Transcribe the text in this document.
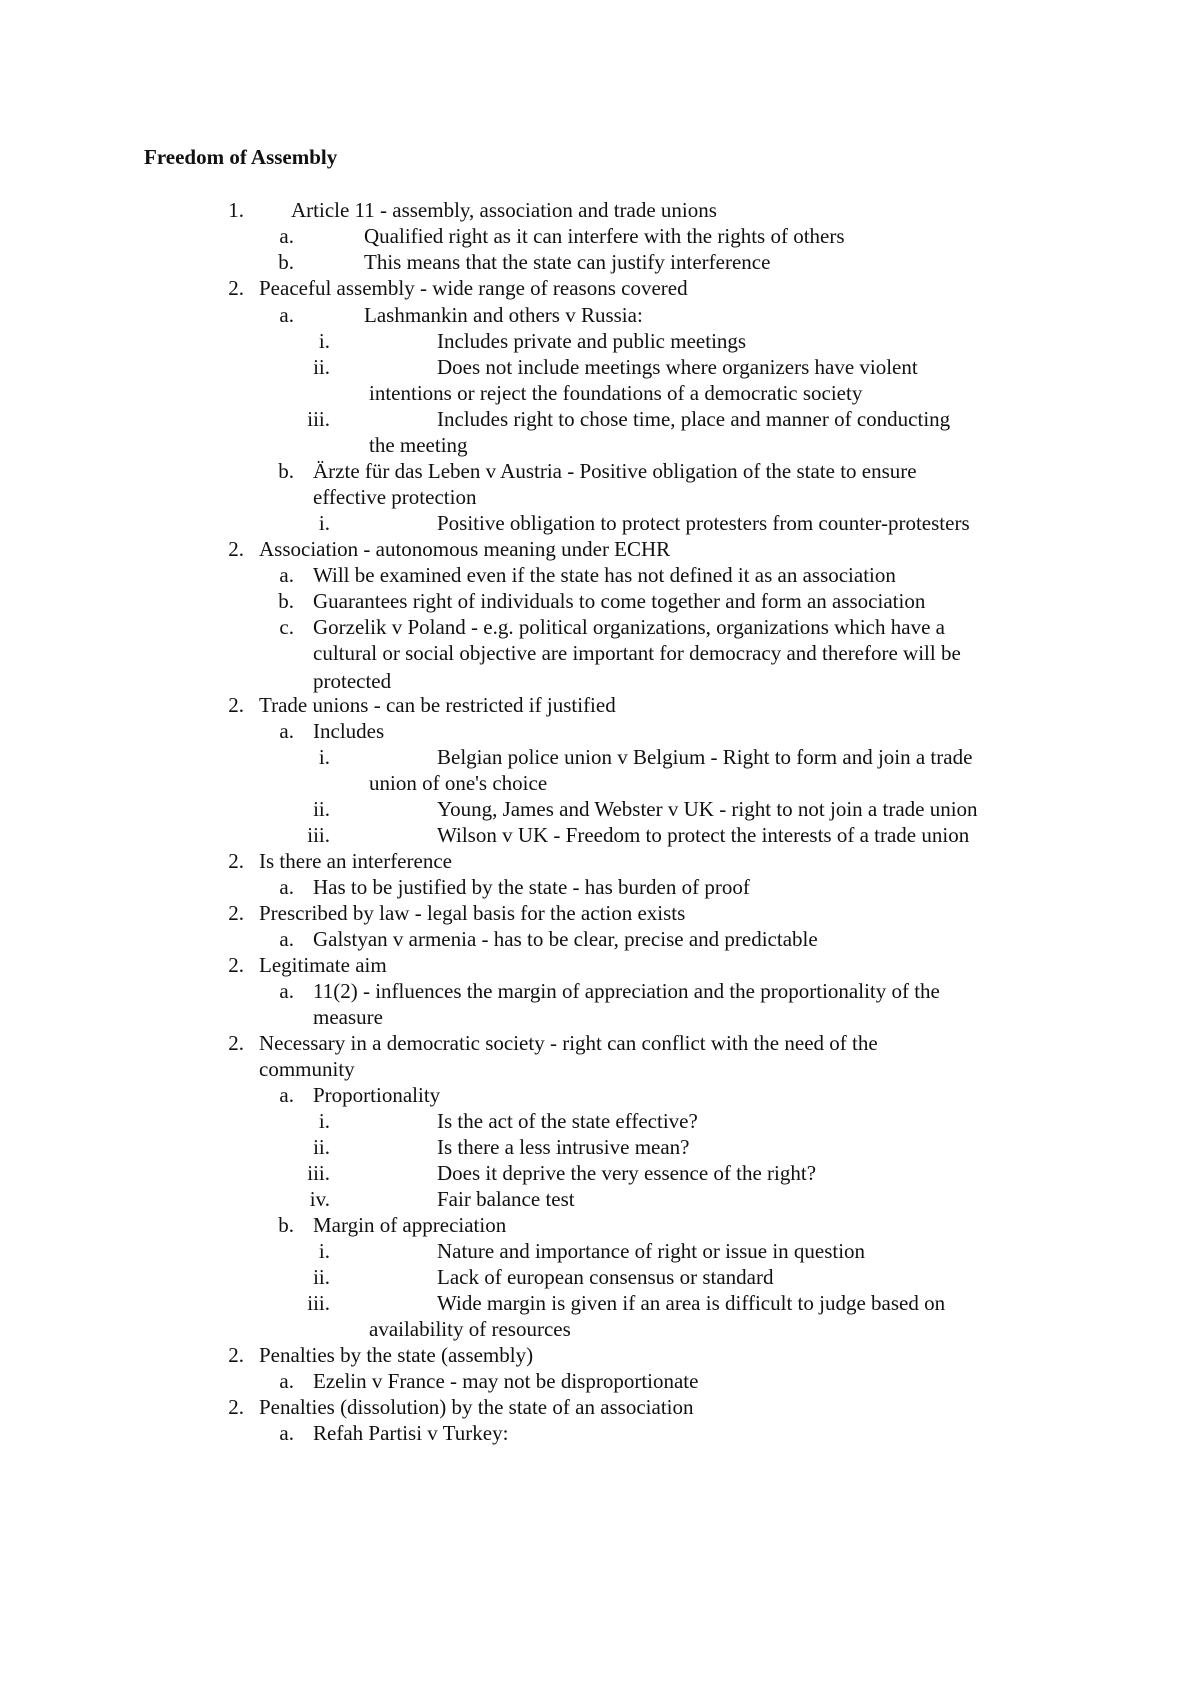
Freedom of Assembly
1. Article 11 - assembly, association and trade unions
a.	Qualified right as it can interfere with the rights of others
b.	This means that the state can justify interference
2. Peaceful assembly - wide range of reasons covered
a.	Lashmankin and others v Russia:
i.	Includes private and public meetings
ii.	Does not include meetings where organizers have violent
intentions or reject the foundations of a democratic society
iii.	Includes right to chose time, place and manner of conducting
the meeting
b. Ärzte für das Leben v Austria - Positive obligation of the state to ensure
effective protection
i.	Positive obligation to protect protesters from counter-protesters
2. Association - autonomous meaning under ECHR
a. Will be examined even if the state has not defined it as an association
b. Guarantees right of individuals to come together and form an association
c. Gorzelik v Poland - e.g. political organizations, organizations which have a
cultural or social objective are important for democracy and therefore will be
protected
2. Trade unions - can be restricted if justified
a. Includes
i.	Belgian police union v Belgium - Right to form and join a trade
union of one's choice
ii.	Young, James and Webster v UK - right to not join a trade union
iii.	Wilson v UK - Freedom to protect the interests of a trade union
2. Is there an interference
a. Has to be justified by the state - has burden of proof
2. Prescribed by law - legal basis for the action exists
a. Galstyan v armenia - has to be clear, precise and predictable
2. Legitimate aim
a. 11(2) - influences the margin of appreciation and the proportionality of the
measure
2. Necessary in a democratic society - right can conflict with the need of the
community
a. Proportionality
i.	Is the act of the state effective?
ii.	Is there a less intrusive mean?
iii.	Does it deprive the very essence of the right?
iv.	Fair balance test
b. Margin of appreciation
i.	Nature and importance of right or issue in question
ii.	Lack of european consensus or standard
iii.	Wide margin is given if an area is difficult to judge based on
availability of resources
2. Penalties by the state (assembly)
a. Ezelin v France - may not be disproportionate
2. Penalties (dissolution) by the state of an association
a. Refah Partisi v Turkey:
